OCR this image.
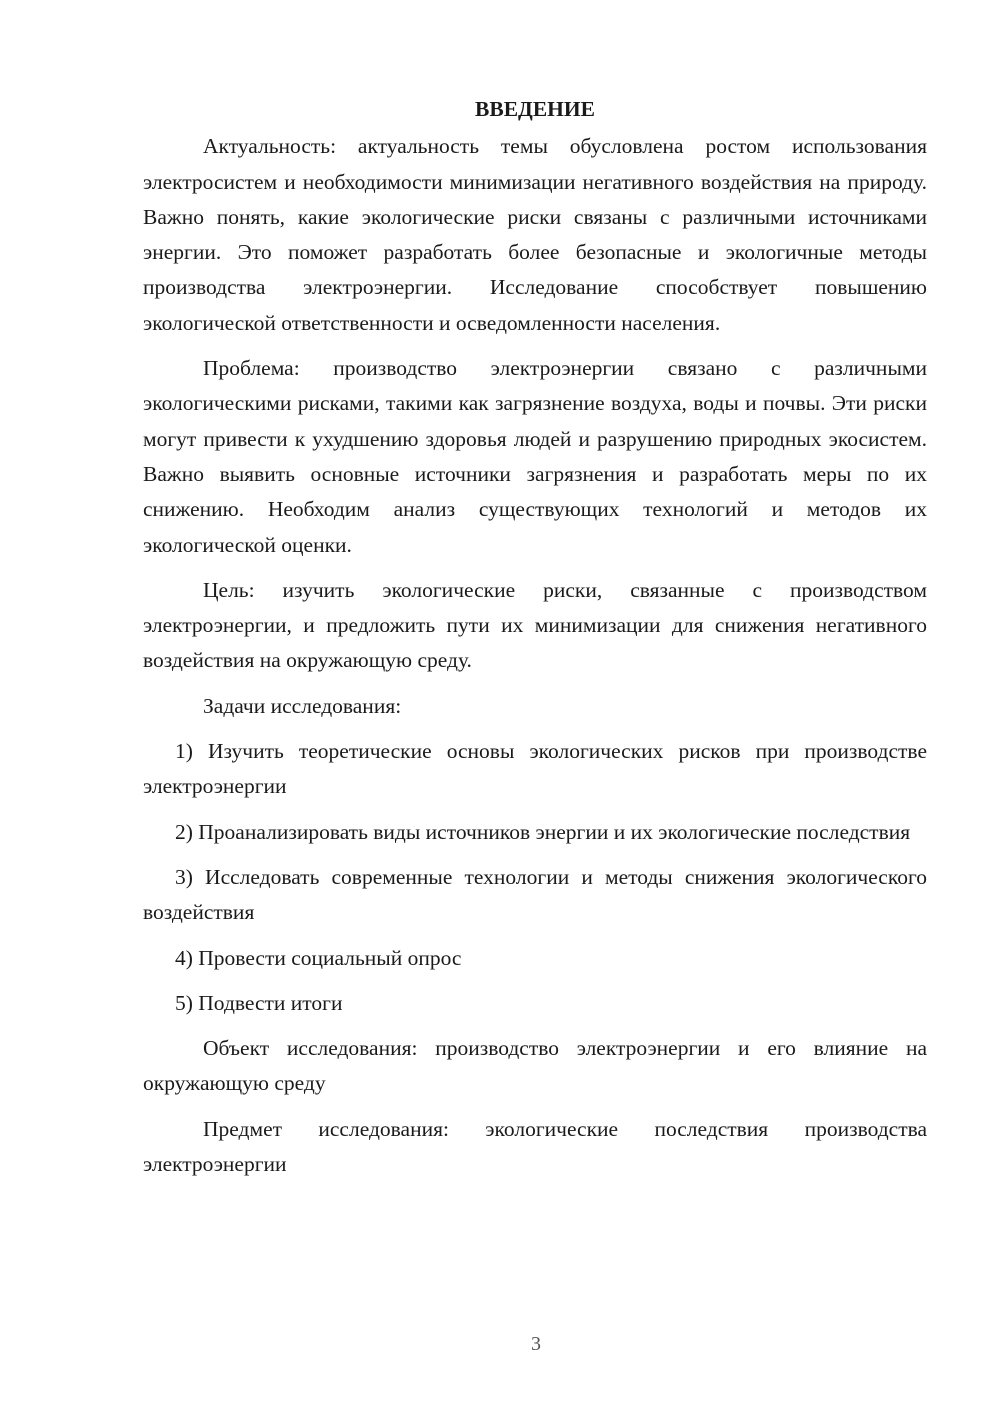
ВВЕДЕНИЕ

Актуальность: актуальность темы обусловлена ростом использования электросистем и необходимости минимизации негативного воздействия на природу. Важно понять, какие экологические риски связаны с различными источниками энергии. Это поможет разработать более безопасные и экологичные методы производства электроэнергии. Исследование способствует повышению экологической ответственности и осведомленности населения.

Проблема: производство электроэнергии связано с различными экологическими рисками, такими как загрязнение воздуха, воды и почвы. Эти риски могут привести к ухудшению здоровья людей и разрушению природных экосистем. Важно выявить основные источники загрязнения и разработать меры по их снижению. Необходим анализ существующих технологий и методов их экологической оценки.

Цель: изучить экологические риски, связанные с производством электроэнергии, и предложить пути их минимизации для снижения негативного воздействия на окружающую среду.

Задачи исследования:

1) Изучить теоретические основы экологических рисков при производстве электроэнергии

2) Проанализировать виды источников энергии и их экологические последствия

3) Исследовать современные технологии и методы снижения экологического воздействия

4) Провести социальный опрос

5) Подвести итоги

Объект исследования: производство электроэнергии и его влияние на окружающую среду

Предмет исследования: экологические последствия производства электроэнергии

3
